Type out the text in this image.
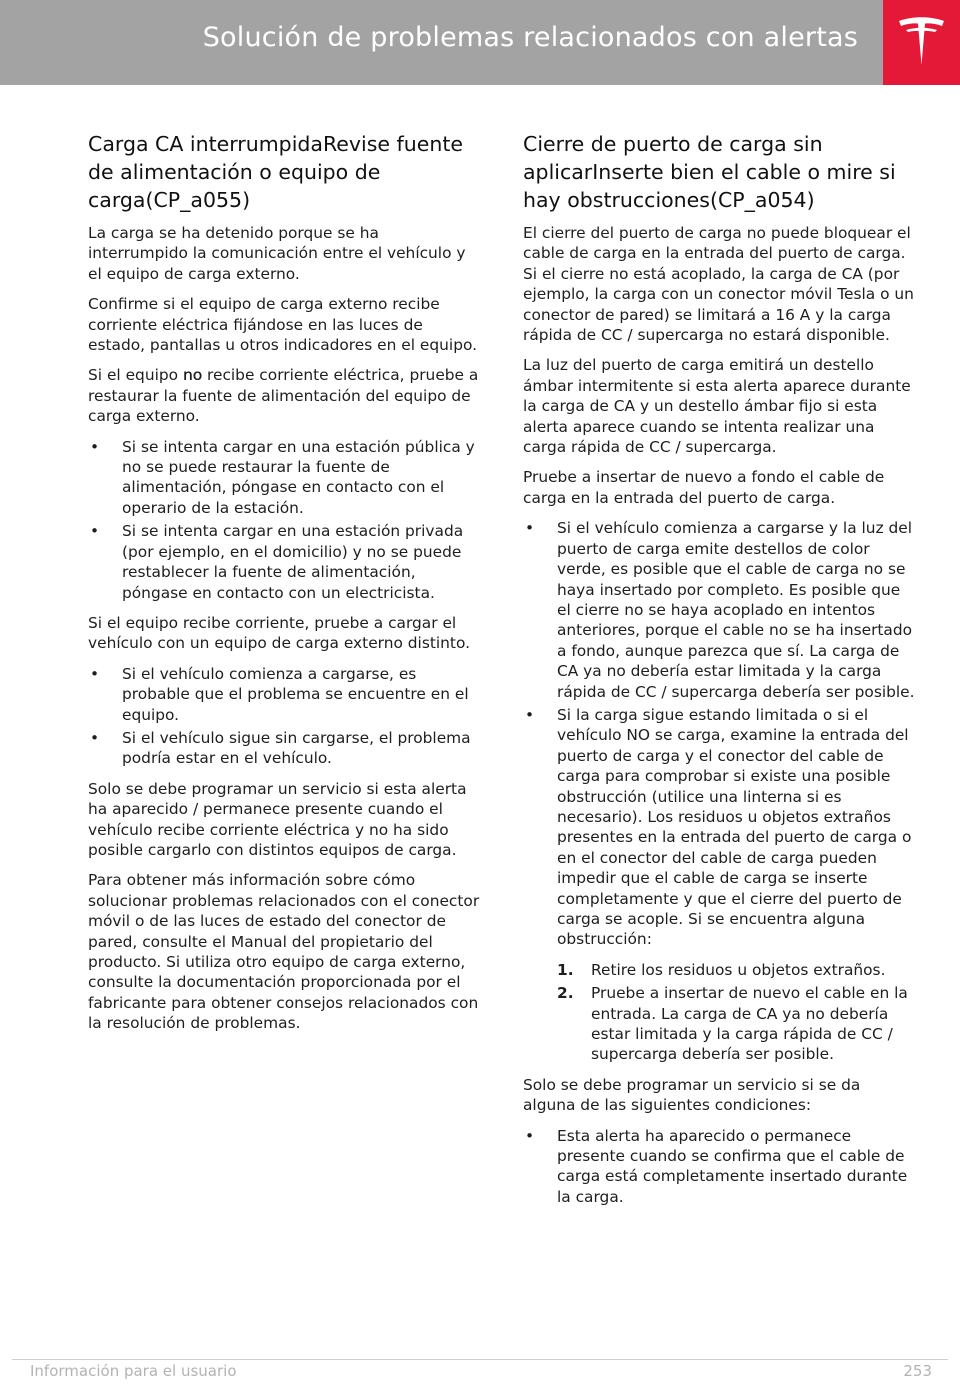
Solución de problemas relacionados con alertas
Carga CA interrumpidaRevise fuente de alimentación o equipo de carga(CP_a055)

La carga se ha detenido porque se ha interrumpido la comunicación entre el vehículo y el equipo de carga externo.

Confirme si el equipo de carga externo recibe corriente eléctrica fijándose en las luces de estado, pantallas u otros indicadores en el equipo.

Si el equipo no recibe corriente eléctrica, pruebe a restaurar la fuente de alimentación del equipo de carga externo.

• Si se intenta cargar en una estación pública y no se puede restaurar la fuente de alimentación, póngase en contacto con el operario de la estación.
• Si se intenta cargar en una estación privada (por ejemplo, en el domicilio) y no se puede restablecer la fuente de alimentación, póngase en contacto con un electricista.

Si el equipo recibe corriente, pruebe a cargar el vehículo con un equipo de carga externo distinto.

• Si el vehículo comienza a cargarse, es probable que el problema se encuentre en el equipo.
• Si el vehículo sigue sin cargarse, el problema podría estar en el vehículo.

Solo se debe programar un servicio si esta alerta ha aparecido / permanece presente cuando el vehículo recibe corriente eléctrica y no ha sido posible cargarlo con distintos equipos de carga.

Para obtener más información sobre cómo solucionar problemas relacionados con el conector móvil o de las luces de estado del conector de pared, consulte el Manual del propietario del producto. Si utiliza otro equipo de carga externo, consulte la documentación proporcionada por el fabricante para obtener consejos relacionados con la resolución de problemas.

Cierre de puerto de carga sin aplicarInserte bien el cable o mire si hay obstrucciones(CP_a054)

El cierre del puerto de carga no puede bloquear el cable de carga en la entrada del puerto de carga. Si el cierre no está acoplado, la carga de CA (por ejemplo, la carga con un conector móvil Tesla o un conector de pared) se limitará a 16 A y la carga rápida de CC / supercarga no estará disponible.

La luz del puerto de carga emitirá un destello ámbar intermitente si esta alerta aparece durante la carga de CA y un destello ámbar fijo si esta alerta aparece cuando se intenta realizar una carga rápida de CC / supercarga.

Pruebe a insertar de nuevo a fondo el cable de carga en la entrada del puerto de carga.

• Si el vehículo comienza a cargarse y la luz del puerto de carga emite destellos de color verde, es posible que el cable de carga no se haya insertado por completo. Es posible que el cierre no se haya acoplado en intentos anteriores, porque el cable no se ha insertado a fondo, aunque parezca que sí. La carga de CA ya no debería estar limitada y la carga rápida de CC / supercarga debería ser posible.
• Si la carga sigue estando limitada o si el vehículo NO se carga, examine la entrada del puerto de carga y el conector del cable de carga para comprobar si existe una posible obstrucción (utilice una linterna si es necesario). Los residuos u objetos extraños presentes en la entrada del puerto de carga o en el conector del cable de carga pueden impedir que el cable de carga se inserte completamente y que el cierre del puerto de carga se acople. Si se encuentra alguna obstrucción:
1. Retire los residuos u objetos extraños.
2. Pruebe a insertar de nuevo el cable en la entrada. La carga de CA ya no debería estar limitada y la carga rápida de CC / supercarga debería ser posible.

Solo se debe programar un servicio si se da alguna de las siguientes condiciones:

• Esta alerta ha aparecido o permanece presente cuando se confirma que el cable de carga está completamente insertado durante la carga.
Información para el usuario	253
